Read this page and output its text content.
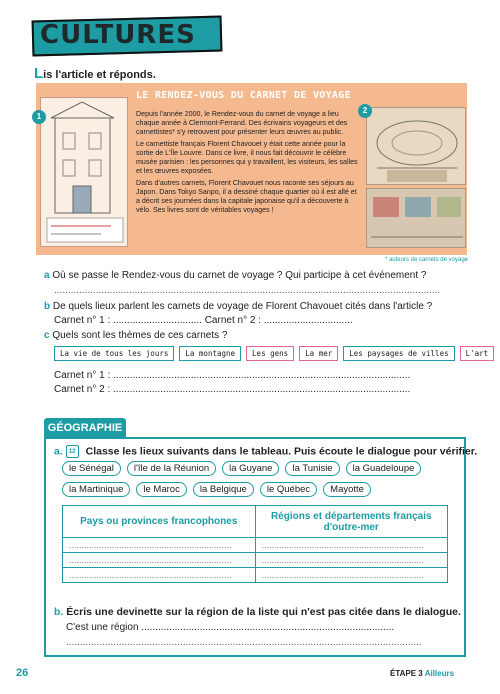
CULTURES
Lis l'article et réponds.
1
2
LE RENDEZ-VOUS DU CARNET DE VOYAGE

Depuis l'année 2000, le Rendez-vous du carnet de voyage a lieu chaque année à Clermont-Ferrand. Des écrivains voyageurs et des carnettistes* s'y retrouvent pour présenter leurs œuvres au public.

Le carnettiste français Florent Chavouet y était cette année pour la sortie de L'Île Louvre. Dans ce livre, il nous fait découvrir le célèbre musée parisien : les personnes qui y travaillent, les visiteurs, les salles et les œuvres exposées.

Dans d'autres carnets, Florent Chavouet nous raconte ses séjours au Japon. Dans Tokyo Sanpo, il a dessiné chaque quartier où il est allé et a décrit ses journées dans la capitale japonaise qu'il a découverte à vélo. Ses livres sont de véritables voyages !

* auteurs de carnets de voyage
a Où se passe le Rendez-vous du carnet de voyage ? Qui participe à cet événement ?
...........................................................................................................................................
b De quels lieux parlent les carnets de voyage de Florent Chavouet cités dans l'article ?
Carnet n° 1 : ................................ Carnet n° 2 : ................................
c Quels sont les thèmes de ces carnets ?
La vie de tous les jours	La montagne	Les gens	La mer	Les paysages de villes	L'art
Carnet n° 1 : ...........................................................................................................
Carnet n° 2 : ...........................................................................................................
GÉOGRAPHIE
a. 12 Classe les lieux suivants dans le tableau. Puis écoute le dialogue pour vérifier.
le Sénégal	l'île de la Réunion	la Guyane	la Tunisie	la Guadeloupe
la Martinique	le Maroc	la Belgique	le Québec	Mayotte
Pays ou provinces francophones	Régions et départements français d'outre-mer
.................................................................	.................................................................
.................................................................	.................................................................
.................................................................	.................................................................
b. Écris une devinette sur la région de la liste qui n'est pas citée dans le dialogue.
C'est une région ...........................................................................................
................................................................................................................................
26	ÉTAPE 3 Ailleurs
